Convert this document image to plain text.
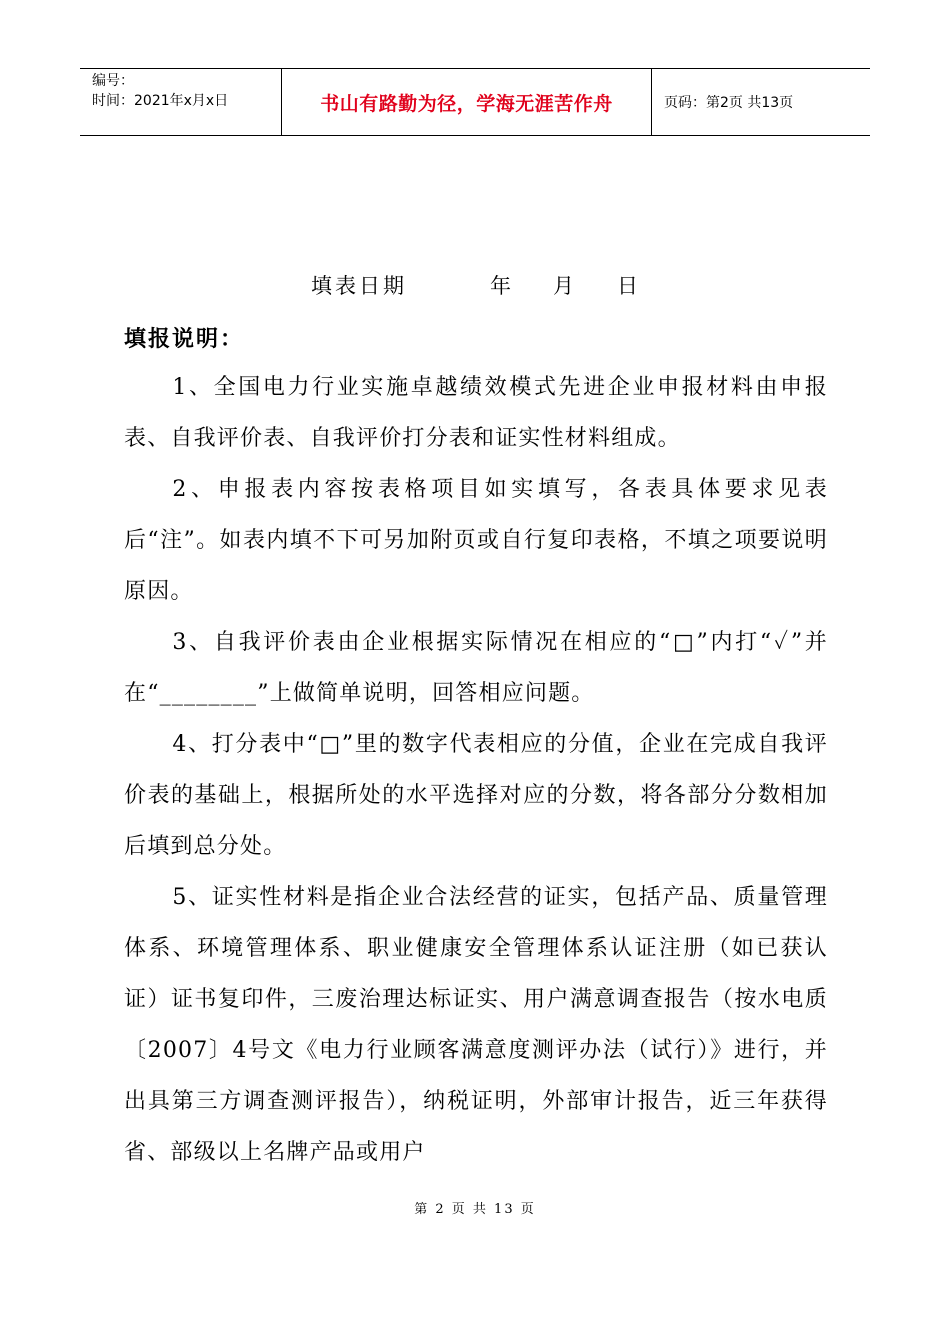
编号：
时间：2021年x月x日	书山有路勤为径，学海无涯苦作舟	页码：第2页 共13页
填表日期	年 月 日
填报说明：

1、全国电力行业实施卓越绩效模式先进企业申报材料由申报表、自我评价表、自我评价打分表和证实性材料组成。

2、申报表内容按表格项目如实填写，各表具体要求见表后“注”。如表内填不下可另加附页或自行复印表格，不填之项要说明原因。

3、自我评价表由企业根据实际情况在相应的“□”内打“✓”并在“________”上做简单说明，回答相应问题。

4、打分表中“□”里的数字代表相应的分值，企业在完成自我评价表的基础上，根据所处的水平选择对应的分数，将各部分分数相加后填到总分处。

5、证实性材料是指企业合法经营的证实，包括产品、质量管理体系、环境管理体系、职业健康安全管理体系认证注册（如已获认证）证书复印件，三废治理达标证实、用户满意调查报告（按水电质〔2007〕4号文《电力行业顾客满意度测评办法（试行）》进行，并出具第三方调查测评报告），纳税证明，外部审计报告，近三年获得省、部级以上名牌产品或用户

第 2 页 共 13 页
